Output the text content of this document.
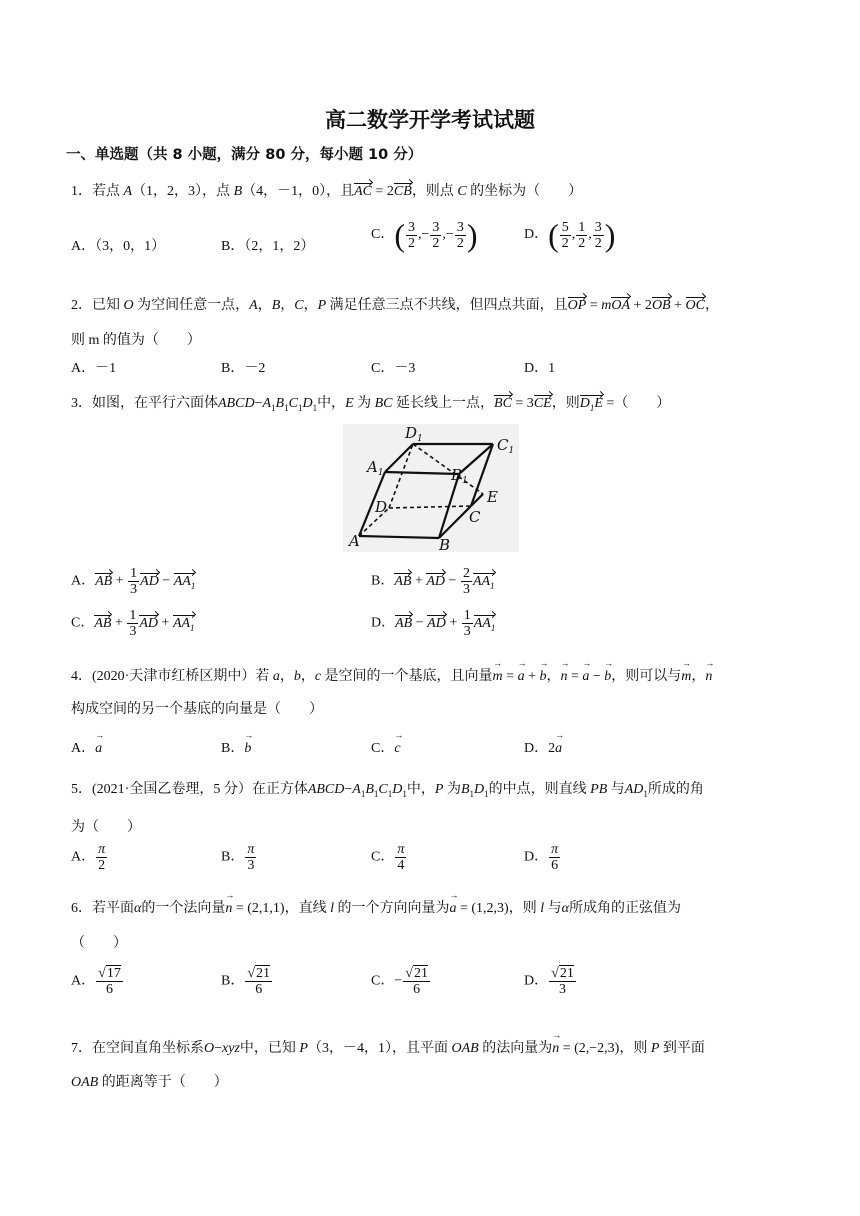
高二数学开学考试试题
一、单选题（共 8 小题，满分 80 分，每小题 10 分）
1．若点 A（1，2，3），点 B（4，－1，0），且AC = 2CB，则点 C 的坐标为（　　）
A．（3，0，1）	B．（2，1，2）
C．( $\frac{3}{2}$ ,− $\frac{3}{2}$ ,− $\frac{3}{2}$ )	D．( $\frac{5}{2}$ , $\frac{1}{2}$ , $\frac{3}{2}$ )
2．已知 O 为空间任意一点，A，B，C，P 满足任意三点不共线，但四点共面，且OP = mOA + 2OB + OC，
则 m 的值为（　　）
A．－1	B．－2	C．－3	D．1
3．如图，在平行六面体$ABCD-A_1B_1C_1D_1$中，E 为 BC 延长线上一点，BC = 3CE，则$D_1E$ =（　　）
A	B
C
D
E
$A_1$	$B_1$
$C_1$
$D_1$
A．AB + $\frac{1}{3}$ AD − $AA_1$	B．AB + AD − $\frac{2}{3} AA_1$
C．AB + $\frac{1}{3}$ AD + $AA_1$	D．AB − AD + $\frac{1}{3} AA_1$
4．(2020·天津市红桥区期中）若 a，b，c 是空间的一个基底，且向量→ m = → a + → b，→ n = → a − → b，则可以与→ m，→ n
构成空间的另一个基底的向量是（　　）
A．→ a	B．→ b	C．→ c	D．2→ a
5．(2021·全国乙卷理，5 分）在正方体$ABCD-A_1B_1C_1D_1$中，P 为$B_1D_1$的中点，则直线 PB 与$AD_1$所成的角
为（　　）
A． $\frac{\pi}{2}$	B． $\frac{\pi}{3}$	C． $\frac{\pi}{4}$	D． $\frac{\pi}{6}$
6．若平面α的一个法向量→ n = (2,1,1)，直线 l 的一个方向向量为→ a = (1,2,3)，则 l 与α所成角的正弦值为
（　　）
A． $\frac{√17}{6}$	B． $\frac{√21}{6}$	C．− $\frac{√21}{6}$	D． $\frac{√21}{3}$
7．在空间直角坐标系O−xyz中，已知 P（3，－4，1），且平面 OAB 的法向量为→ n = (2,−2,3)，则 P 到平面
OAB 的距离等于（　　）
